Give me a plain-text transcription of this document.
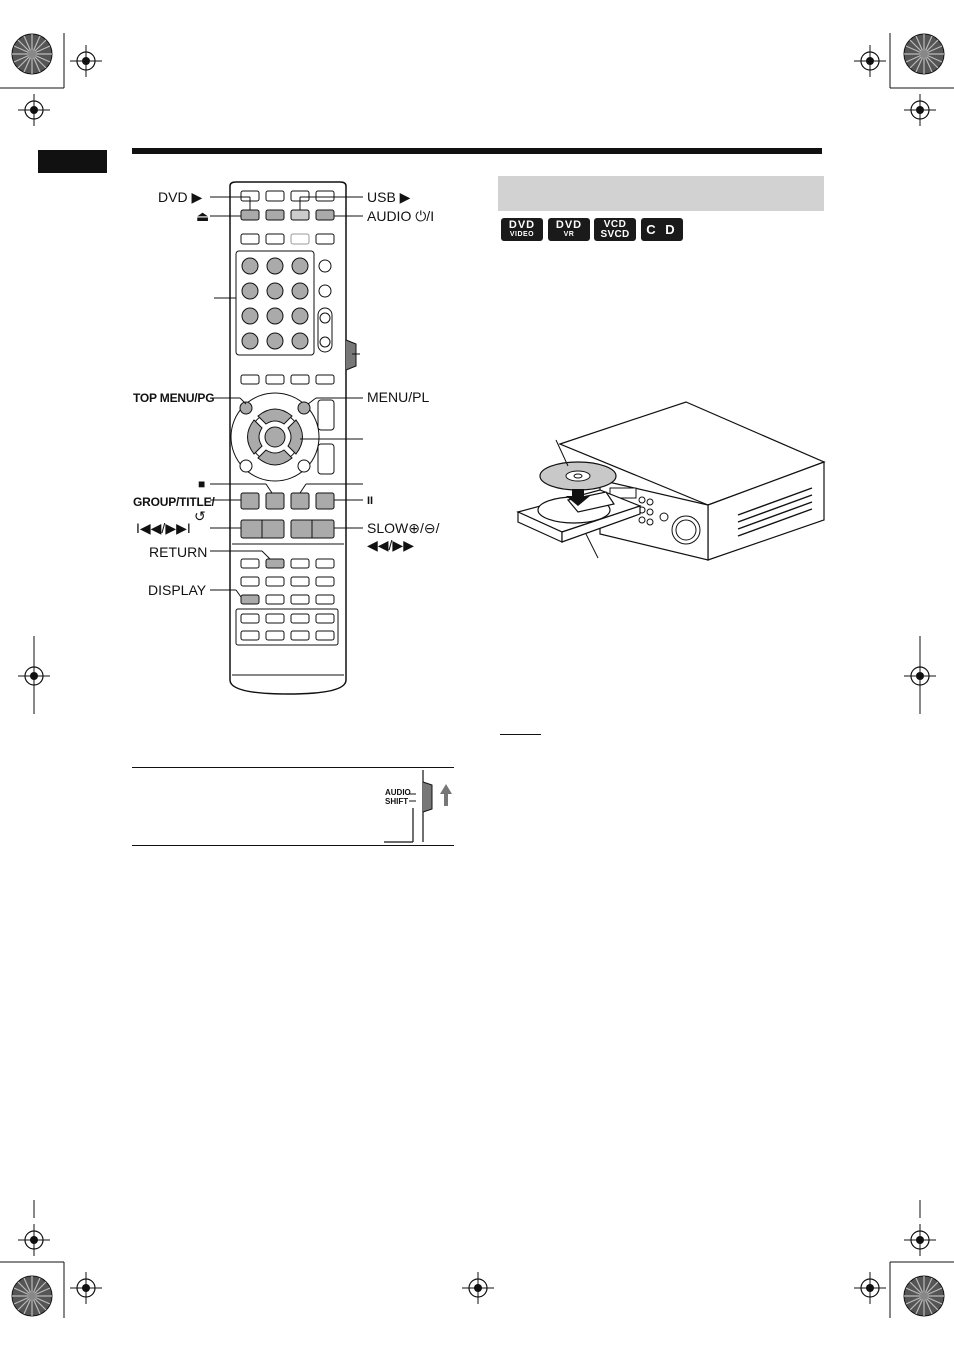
DVD ▶
⏏
USB ▶
AUDIO ⏻/I
TOP MENU/PG	MENU/PL
■
GROUP/TITLE/
↺
II
I◀◀/▶▶I	SLOW⊕/⊖/
◀◀/▶▶
RETURN
DISPLAY
DVD
VIDEO
DVD
VR
VCD
SVCD	C D
AUDIO
SHIFT
